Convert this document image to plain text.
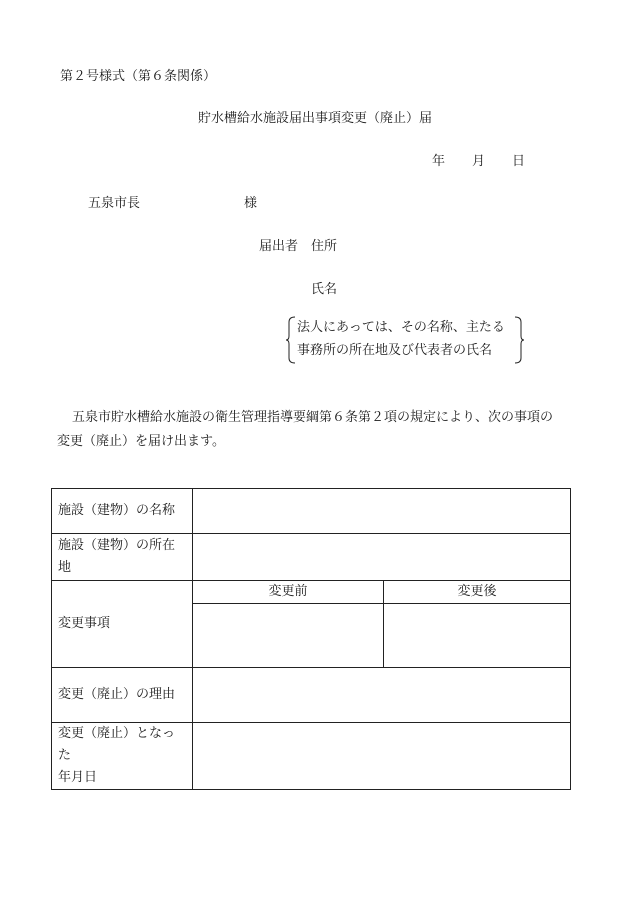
第２号様式（第６条関係）
貯水槽給水施設届出事項変更（廃止）届
年 月 日
五泉市長	様
届出者 住所
氏名
法人にあっては、その名称、主たる
事務所の所在地及び代表者の氏名
五泉市貯水槽給水施設の衛生管理指導要綱第６条第２項の規定により、次の事項の
変更（廃止）を届け出ます。
施設（建物）の名称		
施設（建物）の所在地		
変更事項	変更前	変更後

変更（廃止）の理由		

変更（廃止）となった
年月日		
